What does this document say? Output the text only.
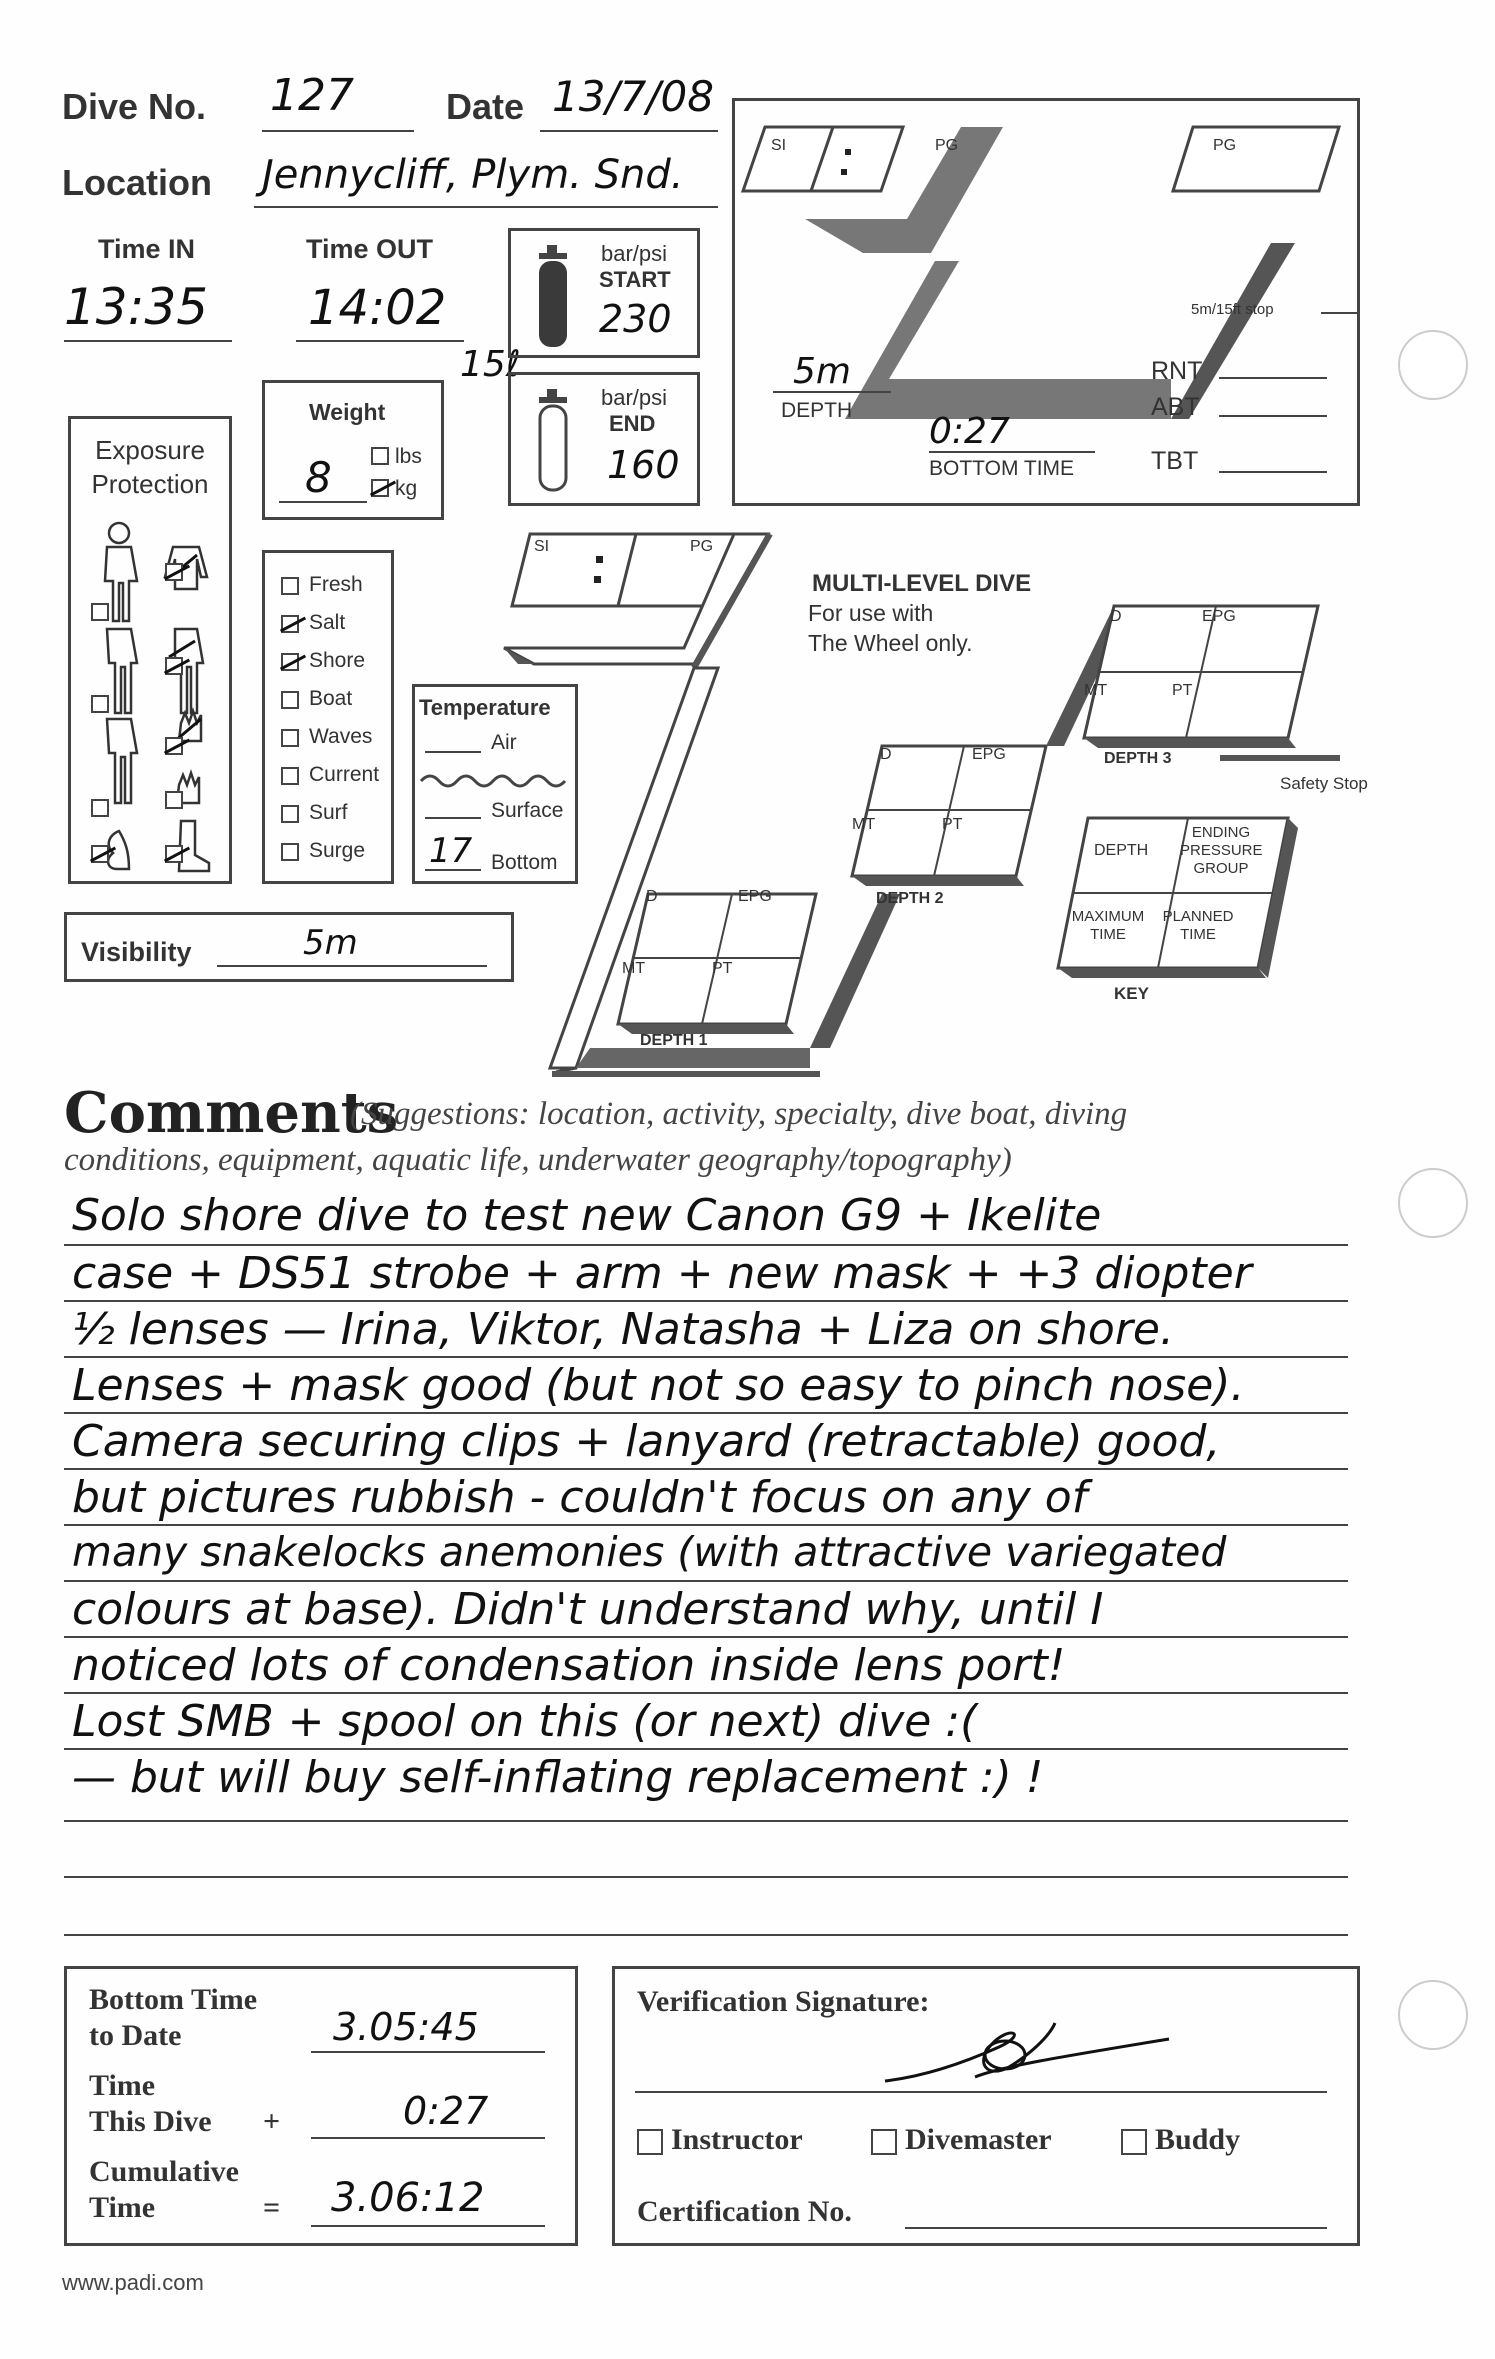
Dive No. 127	Date 13/7/08
Location Jennycliff, Plym. Snd.
Time IN
13:35
Time OUT
14:02
15ℓ
bar/psi
START
230
bar/psi
END
160
Weight
8	lbs
kg
Exposure
Protection
Fresh
Salt
Shore
Boat
Waves
Current
Surf
Surge
Temperature
Air
Surface
17 Bottom
Visibility	5m
SI	PG	PG
5m/15ft stop
5m
DEPTH
0:27
BOTTOM TIME
RNT
ABT
TBT
MULTI-LEVEL DIVE
For use with
The Wheel only.
SI	PG
D	EPG
MT	PT
DEPTH 1
D	EPG
MT	PT
DEPTH 2
D	EPG
MT	PT
DEPTH 3
Safety Stop
DEPTH
ENDING
PRESSURE
GROUP
MAXIMUM
TIME
PLANNED
TIME
KEY
Comments
(Suggestions: location, activity, specialty, dive boat, diving
conditions, equipment, aquatic life, underwater geography/topography)
Solo shore dive to test new Canon G9 + Ikelite
case + DS51 strobe + arm + new mask + +3 diopter
½ lenses — Irina, Viktor, Natasha + Liza on shore.
Lenses + mask good (but not so easy to pinch nose).
Camera securing clips + lanyard (retractable) good,
but pictures rubbish - couldn't focus on any of
many snakelocks anemonies (with attractive variegated
colours at base). Didn't understand why, until I
noticed lots of condensation inside lens port!
Lost SMB + spool on this (or next) dive :(
— but will buy self-inflating replacement :) !
Bottom Time
to Date	3.05:45
Time
This Dive +	0:27
Cumulative
Time	= 3.06:12
Verification Signature:
Instructor	Divemaster	Buddy
Certification No.
www.padi.com
